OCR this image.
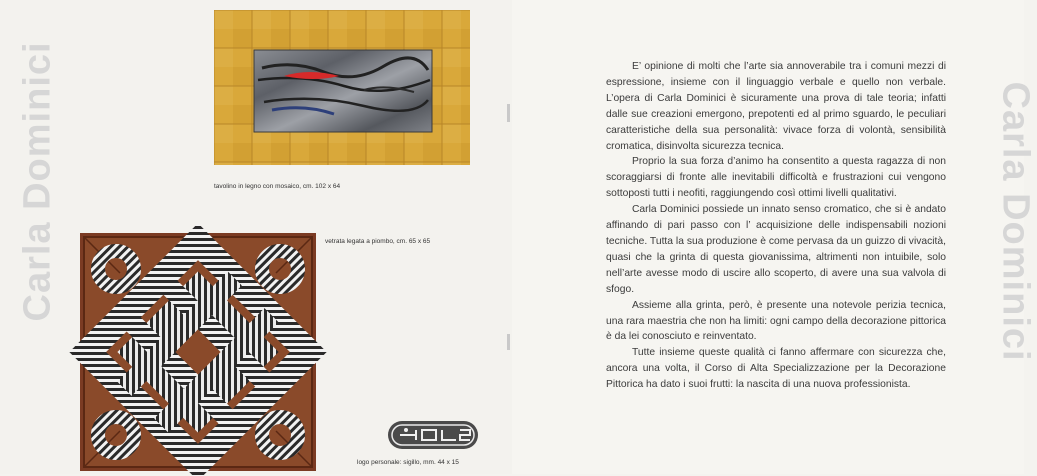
Carla Dominici	Carla Dominici
tavolino in legno con mosaico, cm. 102 x 64
vetrata legata a piombo, cm. 65 x 65
logo personale: sigillo, mm. 44 x 15

E’ opinione di molti che l’arte sia annoverabile tra i comuni mezzi di espressione, insieme con il linguaggio verbale e quello non verbale. L’opera di Carla Dominici è sicuramente una prova di tale teoria; infatti dalle sue creazioni emergono, prepotenti ed al primo sguardo, le peculiari caratteristiche della sua personalità: vivace forza di volontà, sensibilità cromatica, disinvolta sicurezza tecnica.

Proprio la sua forza d’animo ha consentito a questa ragazza di non scoraggiarsi di fronte alle inevitabili difficoltà e frustrazioni cui vengono sottoposti tutti i neofiti, raggiungendo così ottimi livelli qualitativi.

Carla Dominici possiede un innato senso cromatico, che si è andato affinando di pari passo con l’ acquisizione delle indispensabili nozioni tecniche. Tutta la sua produzione è come pervasa da un guizzo di vivacità, quasi che la grinta di questa giovanissima, altrimenti non intuibile, solo nell’arte avesse modo di uscire allo scoperto, di avere una sua valvola di sfogo.

Assieme alla grinta, però, è presente una notevole perizia tecnica, una rara maestria che non ha limiti: ogni campo della decorazione pittorica è da lei conosciuto e reinventato.

Tutte insieme queste qualità ci fanno affermare con sicurezza che, ancora una volta, il Corso di Alta Specializzazione per la Decorazione Pittorica ha dato i suoi frutti: la nascita di una nuova professionista.
